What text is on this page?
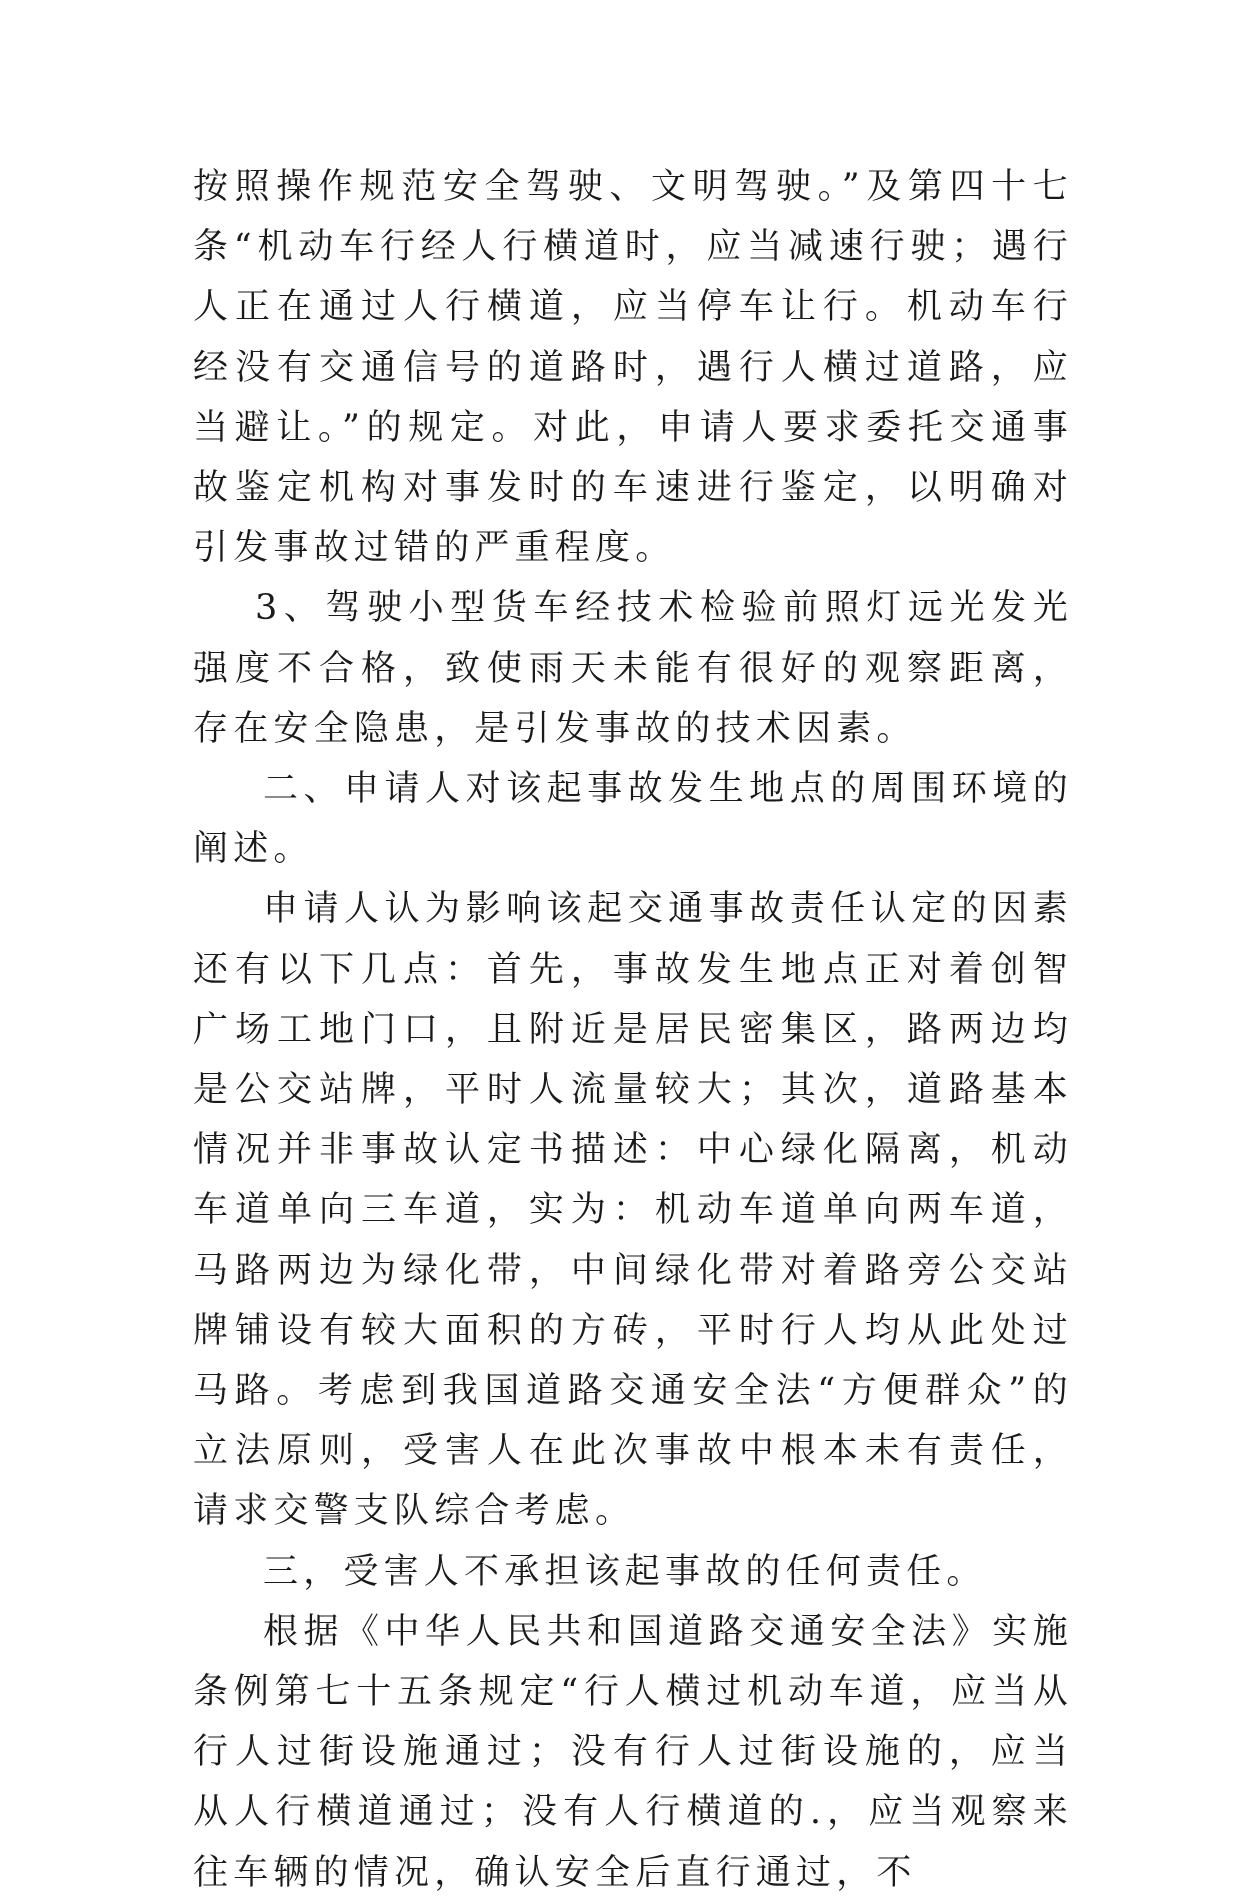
按照操作规范安全驾驶、文明驾驶。”及第四十七条“机动车行经人行横道时，应当减速行驶；遇行人正在通过人行横道，应当停车让行。机动车行经没有交通信号的道路时，遇行人横过道路，应当避让。”的规定。对此，申请人要求委托交通事故鉴定机构对事发时的车速进行鉴定，以明确对引发事故过错的严重程度。

3、驾驶小型货车经技术检验前照灯远光发光强度不合格，致使雨天未能有很好的观察距离，存在安全隐患，是引发事故的技术因素。

二、申请人对该起事故发生地点的周围环境的阐述。

申请人认为影响该起交通事故责任认定的因素还有以下几点：首先，事故发生地点正对着创智广场工地门口，且附近是居民密集区，路两边均是公交站牌，平时人流量较大；其次，道路基本情况并非事故认定书描述：中心绿化隔离，机动车道单向三车道，实为：机动车道单向两车道，马路两边为绿化带，中间绿化带对着路旁公交站牌铺设有较大面积的方砖，平时行人均从此处过马路。考虑到我国道路交通安全法“方便群众”的立法原则，受害人在此次事故中根本未有责任，请求交警支队综合考虑。

三，受害人不承担该起事故的任何责任。

根据《中华人民共和国道路交通安全法》实施条例第七十五条规定“行人横过机动车道，应当从行人过街设施通过；没有行人过街设施的，应当从人行横道通过；没有人行横道的.，应当观察来往车辆的情况，确认安全后直行通过，不
